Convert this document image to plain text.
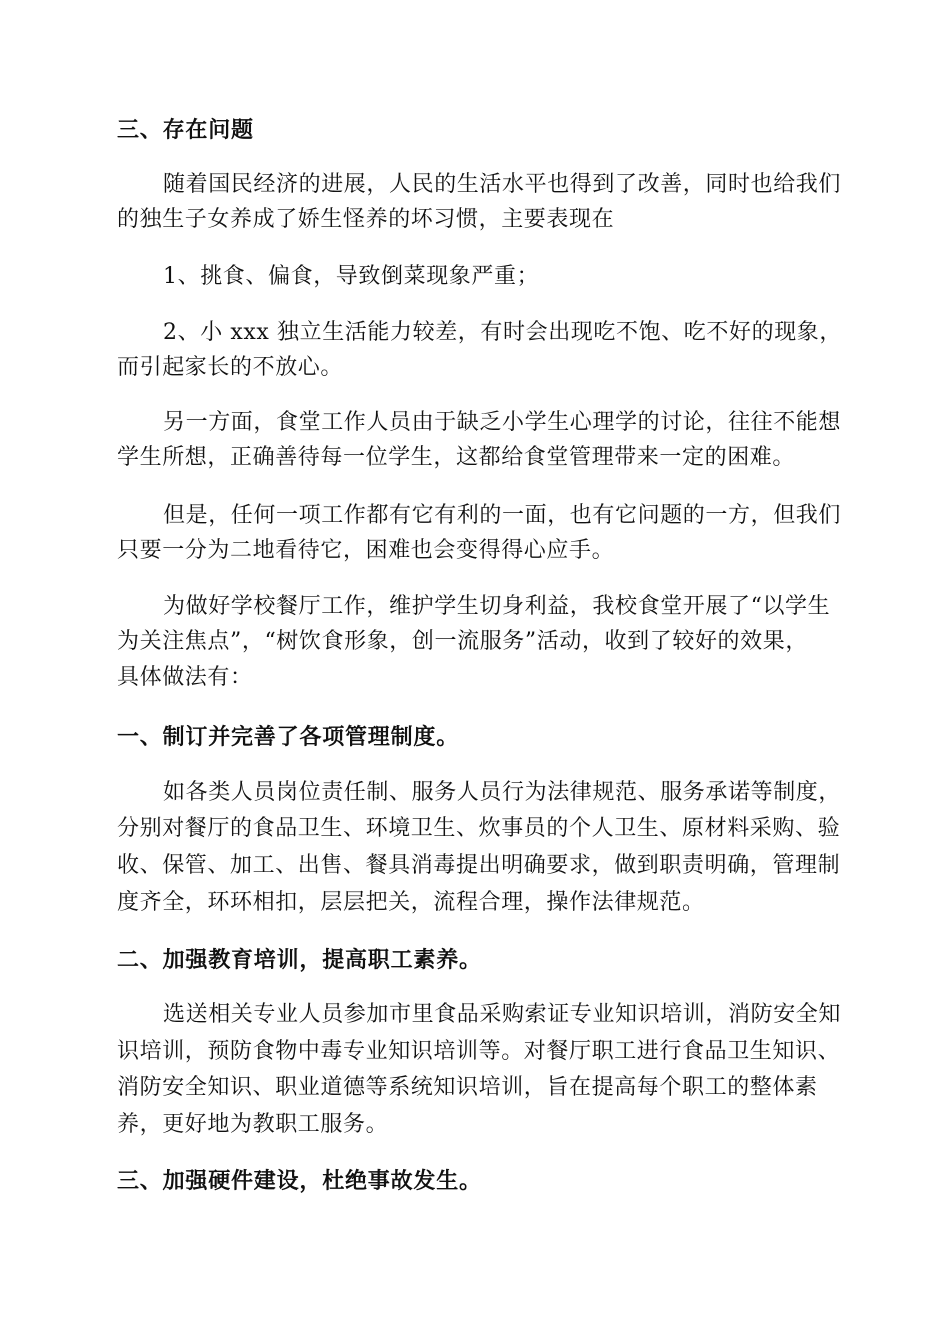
三、存在问题
随着国民经济的进展，人民的生活水平也得到了改善，同时也给我们
的独生子女养成了娇生怪养的坏习惯，主要表现在
1、挑食、偏食，导致倒菜现象严重；
2、小 xxx 独立生活能力较差，有时会出现吃不饱、吃不好的现象，
而引起家长的不放心。
另一方面，食堂工作人员由于缺乏小学生心理学的讨论，往往不能想
学生所想，正确善待每一位学生，这都给食堂管理带来一定的困难。
但是，任何一项工作都有它有利的一面，也有它问题的一方，但我们
只要一分为二地看待它，困难也会变得得心应手。
为做好学校餐厅工作，维护学生切身利益，我校食堂开展了“以学生
为关注焦点”，“树饮食形象，创一流服务”活动，收到了较好的效果，
具体做法有：
一、制订并完善了各项管理制度。
如各类人员岗位责任制、服务人员行为法律规范、服务承诺等制度，
分别对餐厅的食品卫生、环境卫生、炊事员的个人卫生、原材料采购、验
收、保管、加工、出售、餐具消毒提出明确要求，做到职责明确，管理制
度齐全，环环相扣，层层把关，流程合理，操作法律规范。
二、加强教育培训，提高职工素养。
选送相关专业人员参加市里食品采购索证专业知识培训，消防安全知
识培训，预防食物中毒专业知识培训等。对餐厅职工进行食品卫生知识、
消防安全知识、职业道德等系统知识培训，旨在提高每个职工的整体素
养，更好地为教职工服务。
三、加强硬件建设，杜绝事故发生。
